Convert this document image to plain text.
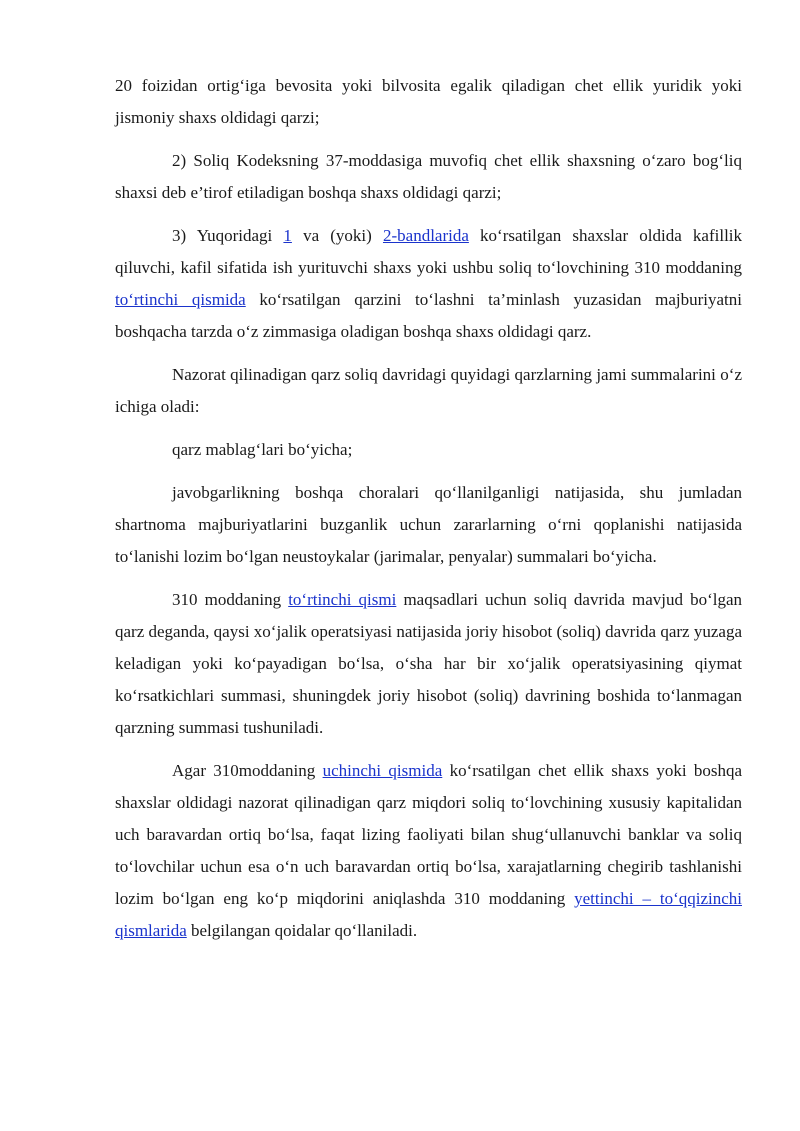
20 foizidan ortig‘iga bevosita yoki bilvosita egalik qiladigan chet ellik yuridik yoki jismoniy shaxs oldidagi qarzi;

2) Soliq Kodeksning 37-moddasiga muvofiq chet ellik shaxsning o‘zaro bog‘liq shaxsi deb e’tirof etiladigan boshqa shaxs oldidagi qarzi;

3) Yuqoridagi 1 va (yoki) 2-bandlarida ko‘rsatilgan shaxslar oldida kafillik qiluvchi, kafil sifatida ish yurituvchi shaxs yoki ushbu soliq to‘lovchining 310 moddaning to‘rtinchi qismida ko‘rsatilgan qarzini to‘lashni ta’minlash yuzasidan majburiyatni boshqacha tarzda o‘z zimmasiga oladigan boshqa shaxs oldidagi qarz.

Nazorat qilinadigan qarz soliq davridagi quyidagi qarzlarning jami summalarini o‘z ichiga oladi:

qarz mablag‘lari bo‘yicha;

javobgarlikning boshqa choralari qo‘llanilganligi natijasida, shu jumladan shartnoma majburiyatlarini buzganlik uchun zararlarning o‘rni qoplanishi natijasida to‘lanishi lozim bo‘lgan neustoykalar (jarimalar, penyalar) summalari bo‘yicha.

310 moddaning to‘rtinchi qismi maqsadlari uchun soliq davrida mavjud bo‘lgan qarz deganda, qaysi xo‘jalik operatsiyasi natijasida joriy hisobot (soliq) davrida qarz yuzaga keladigan yoki ko‘payadigan bo‘lsa, o‘sha har bir xo‘jalik operatsiyasining qiymat ko‘rsatkichlari summasi, shuningdek joriy hisobot (soliq) davrining boshida to‘lanmagan qarzning summasi tushuniladi.

Agar 310moddaning uchinchi qismida ko‘rsatilgan chet ellik shaxs yoki boshqa shaxslar oldidagi nazorat qilinadigan qarz miqdori soliq to‘lovchining xususiy kapitalidan uch baravardan ortiq bo‘lsa, faqat lizing faoliyati bilan shug‘ullanuvchi banklar va soliq to‘lovchilar uchun esa o‘n uch baravardan ortiq bo‘lsa, xarajatlarning chegirib tashlanishi lozim bo‘lgan eng ko‘p miqdorini aniqlashda 310 moddaning yettinchi – to‘qqizinchi qismlarida belgilangan qoidalar qo‘llaniladi.
